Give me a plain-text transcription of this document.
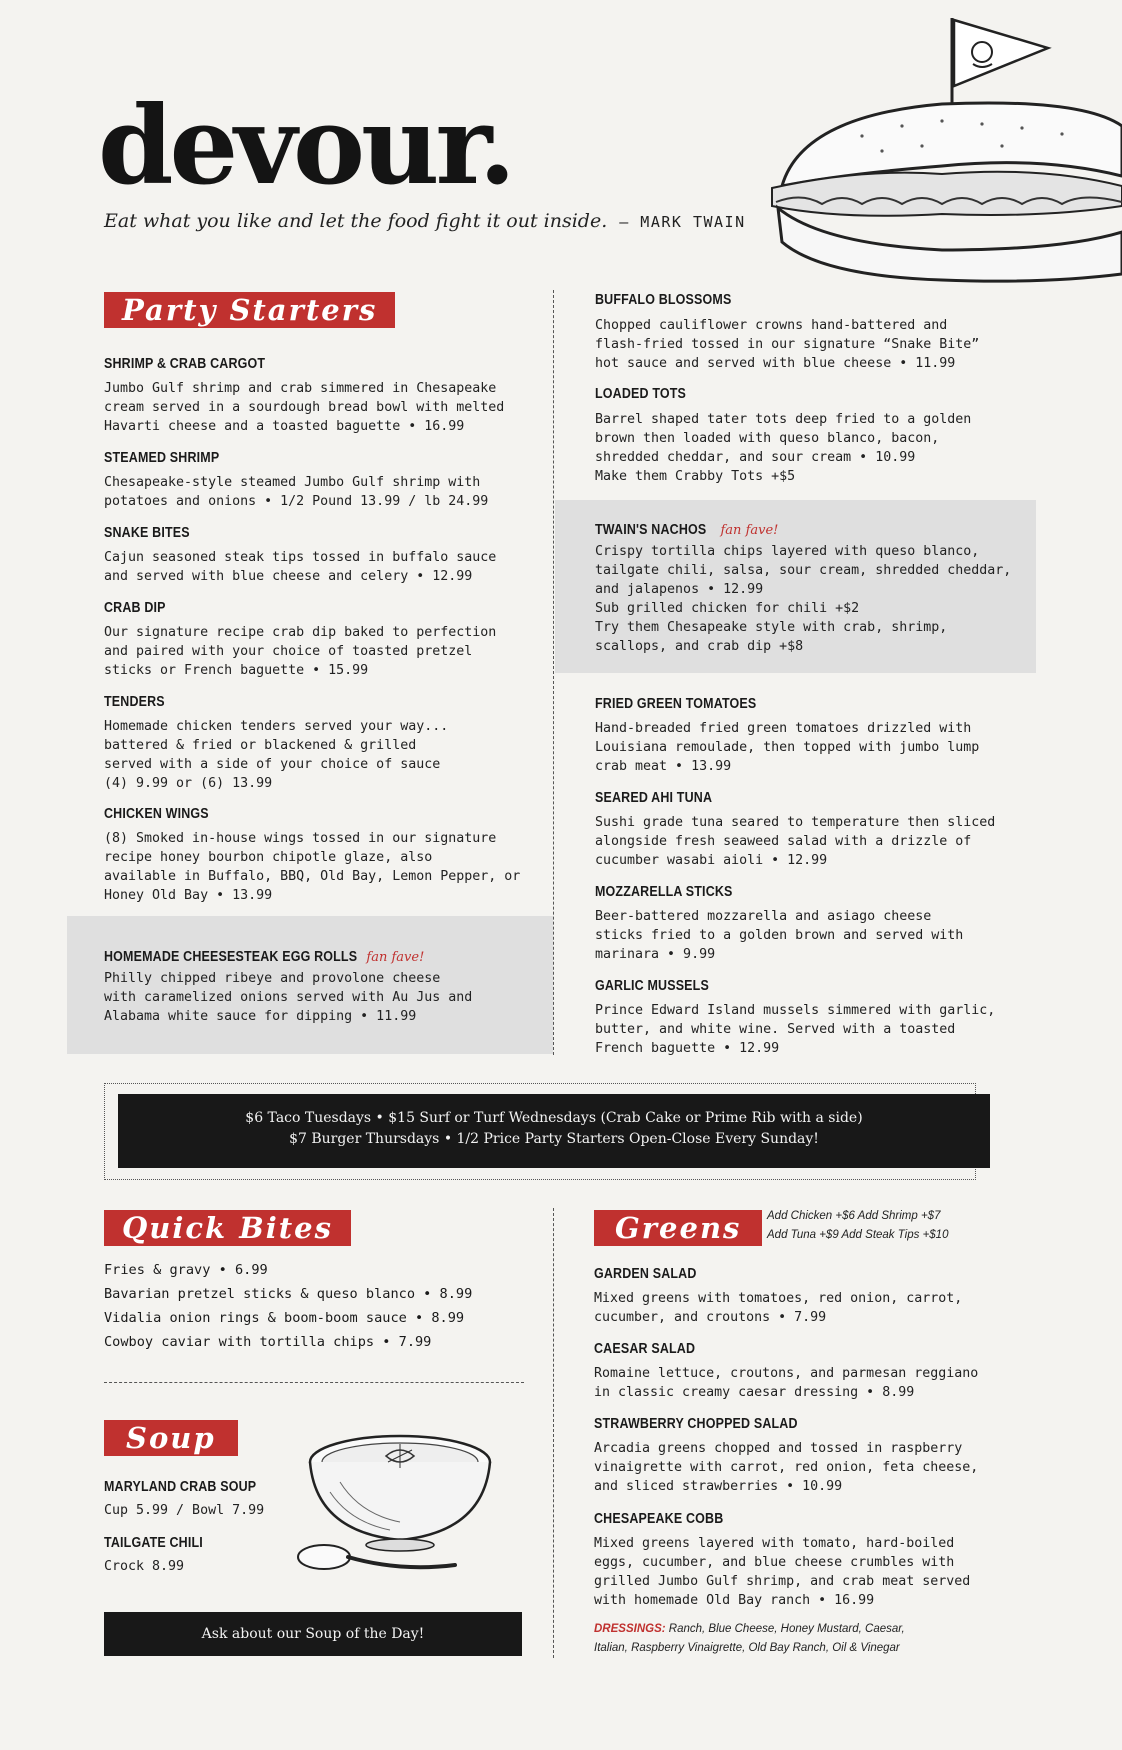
devour.
Eat what you like and let the food fight it out inside. — MARK TWAIN
Party Starters
SHRIMP & CRAB CARGOT
Jumbo Gulf shrimp and crab simmered in Chesapeake
cream served in a sourdough bread bowl with melted
Havarti cheese and a toasted baguette • 16.99
STEAMED SHRIMP
Chesapeake-style steamed Jumbo Gulf shrimp with
potatoes and onions • 1/2 Pound 13.99 / lb 24.99
SNAKE BITES
Cajun seasoned steak tips tossed in buffalo sauce
and served with blue cheese and celery • 12.99
CRAB DIP
Our signature recipe crab dip baked to perfection
and paired with your choice of toasted pretzel
sticks or French baguette • 15.99
TENDERS
Homemade chicken tenders served your way...
battered & fried or blackened & grilled
served with a side of your choice of sauce
(4) 9.99 or (6) 13.99
CHICKEN WINGS
(8) Smoked in-house wings tossed in our signature
recipe honey bourbon chipotle glaze, also
available in Buffalo, BBQ, Old Bay, Lemon Pepper, or
Honey Old Bay • 13.99
HOMEMADE CHEESESTEAK EGG ROLLS fan fave!
Philly chipped ribeye and provolone cheese
with caramelized onions served with Au Jus and
Alabama white sauce for dipping • 11.99
BUFFALO BLOSSOMS
Chopped cauliflower crowns hand-battered and
flash-fried tossed in our signature “Snake Bite”
hot sauce and served with blue cheese • 11.99
LOADED TOTS
Barrel shaped tater tots deep fried to a golden
brown then loaded with queso blanco, bacon,
shredded cheddar, and sour cream • 10.99
Make them Crabby Tots +$5
TWAIN'S NACHOS fan fave!
Crispy tortilla chips layered with queso blanco,
tailgate chili, salsa, sour cream, shredded cheddar,
and jalapenos • 12.99
Sub grilled chicken for chili +$2
Try them Chesapeake style with crab, shrimp,
scallops, and crab dip +$8
FRIED GREEN TOMATOES
Hand-breaded fried green tomatoes drizzled with
Louisiana remoulade, then topped with jumbo lump
crab meat • 13.99
SEARED AHI TUNA
Sushi grade tuna seared to temperature then sliced
alongside fresh seaweed salad with a drizzle of
cucumber wasabi aioli • 12.99
MOZZARELLA STICKS
Beer-battered mozzarella and asiago cheese
sticks fried to a golden brown and served with
marinara • 9.99
GARLIC MUSSELS
Prince Edward Island mussels simmered with garlic,
butter, and white wine. Served with a toasted
French baguette • 12.99
$6 Taco Tuesdays • $15 Surf or Turf Wednesdays (Crab Cake or Prime Rib with a side)
$7 Burger Thursdays • 1/2 Price Party Starters Open-Close Every Sunday!
Quick Bites
Fries & gravy • 6.99
Bavarian pretzel sticks & queso blanco • 8.99
Vidalia onion rings & boom-boom sauce • 8.99
Cowboy caviar with tortilla chips • 7.99
Soup
MARYLAND CRAB SOUP
Cup 5.99 / Bowl 7.99
TAILGATE CHILI
Crock 8.99
Ask about our Soup of the Day!
Greens	Add Chicken +$6 Add Shrimp +$7
Add Tuna +$9 Add Steak Tips +$10
GARDEN SALAD
Mixed greens with tomatoes, red onion, carrot,
cucumber, and croutons • 7.99
CAESAR SALAD
Romaine lettuce, croutons, and parmesan reggiano
in classic creamy caesar dressing • 8.99
STRAWBERRY CHOPPED SALAD
Arcadia greens chopped and tossed in raspberry
vinaigrette with carrot, red onion, feta cheese,
and sliced strawberries • 10.99
CHESAPEAKE COBB
Mixed greens layered with tomato, hard-boiled
eggs, cucumber, and blue cheese crumbles with
grilled Jumbo Gulf shrimp, and crab meat served
with homemade Old Bay ranch • 16.99
DRESSINGS: Ranch, Blue Cheese, Honey Mustard, Caesar,
Italian, Raspberry Vinaigrette, Old Bay Ranch, Oil & Vinegar
